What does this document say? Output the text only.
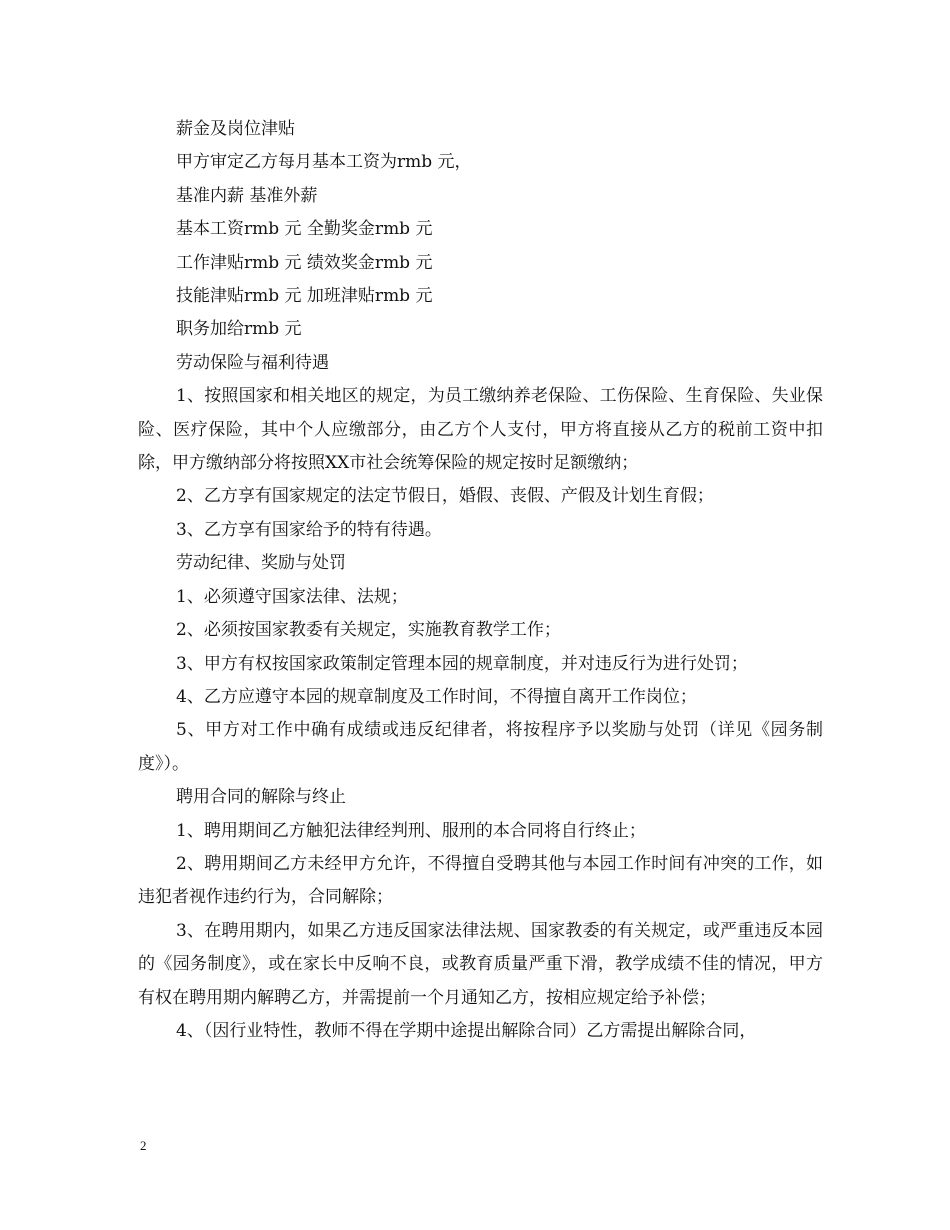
薪金及岗位津贴

甲方审定乙方每月基本工资为rmb 元，

基准内薪 基准外薪

基本工资rmb 元 全勤奖金rmb 元

工作津贴rmb 元 绩效奖金rmb 元

技能津贴rmb 元 加班津贴rmb 元

职务加给rmb 元

劳动保险与福利待遇

1、按照国家和相关地区的规定，为员工缴纳养老保险、工伤保险、生育保险、失业保险、医疗保险，其中个人应缴部分，由乙方个人支付，甲方将直接从乙方的税前工资中扣除，甲方缴纳部分将按照XX市社会统筹保险的规定按时足额缴纳；

2、乙方享有国家规定的法定节假日，婚假、丧假、产假及计划生育假；

3、乙方享有国家给予的特有待遇。

劳动纪律、奖励与处罚

1、必须遵守国家法律、法规；

2、必须按国家教委有关规定，实施教育教学工作；

3、甲方有权按国家政策制定管理本园的规章制度，并对违反行为进行处罚；

4、乙方应遵守本园的规章制度及工作时间，不得擅自离开工作岗位；

5、甲方对工作中确有成绩或违反纪律者，将按程序予以奖励与处罚（详见《园务制度》）。

聘用合同的解除与终止

1、聘用期间乙方触犯法律经判刑、服刑的本合同将自行终止；

2、聘用期间乙方未经甲方允许，不得擅自受聘其他与本园工作时间有冲突的工作，如违犯者视作违约行为，合同解除；

3、在聘用期内，如果乙方违反国家法律法规、国家教委的有关规定，或严重违反本园的《园务制度》，或在家长中反响不良，或教育质量严重下滑，教学成绩不佳的情况，甲方有权在聘用期内解聘乙方，并需提前一个月通知乙方，按相应规定给予补偿；

4、（因行业特性，教师不得在学期中途提出解除合同）乙方需提出解除合同，

2
